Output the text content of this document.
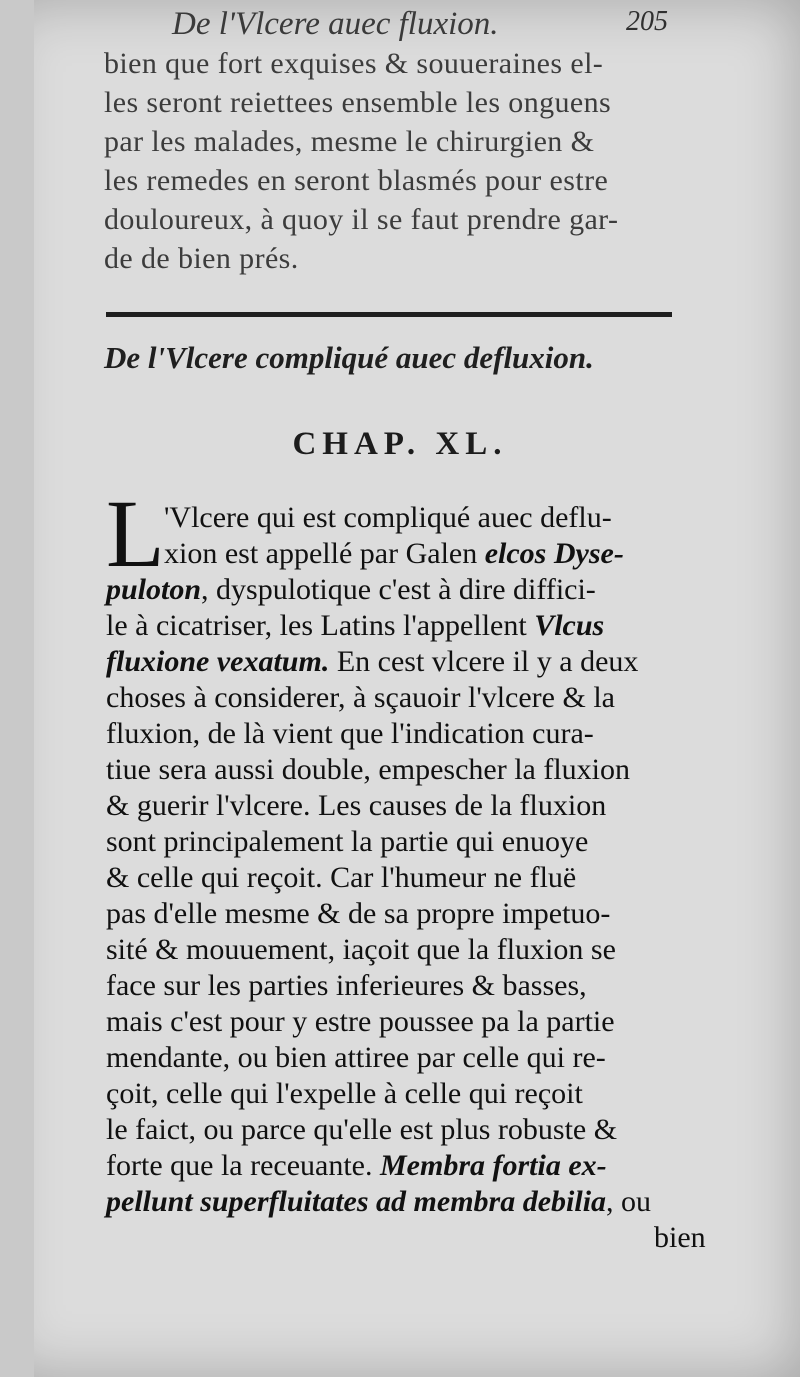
De l'Vlcere auec fluxion.	205
bien que fort exquises & souueraines el-
les seront reiettees ensemble les onguens
par les malades, mesme le chirurgien &
les remedes en seront blasmés pour estre
douloureux, à quoy il se faut prendre gar-
de de bien prés.
De l'Vlcere compliqué auec defluxion.
CHAP. XL.
L 'Vlcere qui est compliqué auec deflu-
xion est appellé par Galen elcos Dyse-
puloton, dyspulotique c'est à dire diffici-
le à cicatriser, les Latins l'appellent Vlcus
fluxione vexatum. En cest vlcere il y a deux
choses à considerer, à sçauoir l'vlcere & la
fluxion, de là vient que l'indication cura-
tiue sera aussi double, empescher la fluxion
& guerir l'vlcere. Les causes de la fluxion
sont principalement la partie qui enuoye
& celle qui reçoit. Car l'humeur ne fluë
pas d'elle mesme & de sa propre impetuo-
sité & mouuement, iaçoit que la fluxion se
face sur les parties inferieures & basses,
mais c'est pour y estre poussee pa la partie
mendante, ou bien attiree par celle qui re-
çoit, celle qui l'expelle à celle qui reçoit
le faict, ou parce qu'elle est plus robuste &
forte que la receuante. Membra fortia ex-
pellunt superfluitates ad membra debilia, ou
bien
